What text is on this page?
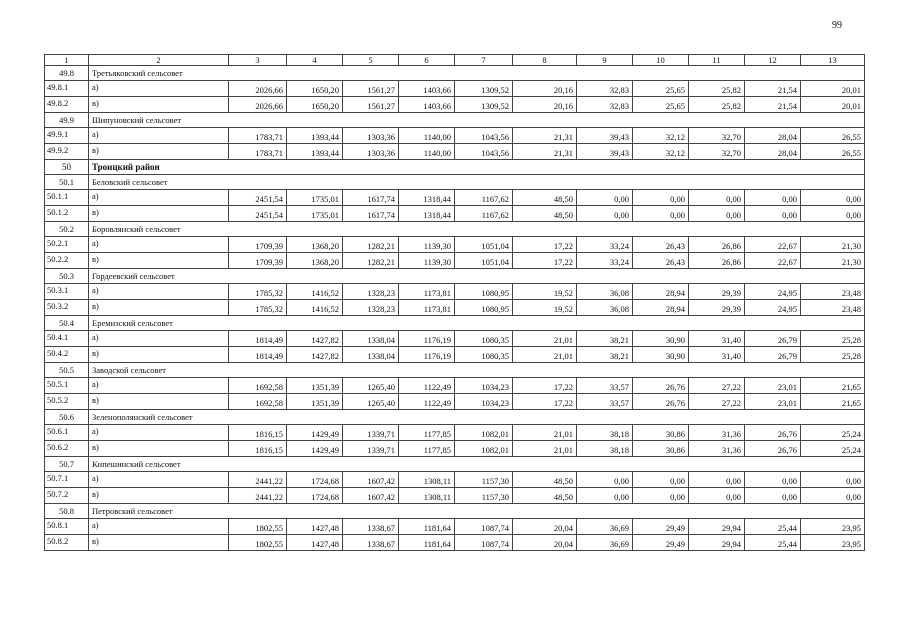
99
1	2	3	4	5	6	7	8	9	10	11	12	13
49.8	Третьяковский сельсовет											
49.8.1	а)	2026,66	1650,20	1561,27	1403,66	1309,52	20,16	32,83	25,65	25,82	21,54	20,01
49.8.2	в)	2026,66	1650,20	1561,27	1403,66	1309,52	20,16	32,83	25,65	25,82	21,54	20,01
49.9	Шипуновский сельсовет											
49.9.1	а)	1783,71	1393,44	1303,36	1140,00	1043,56	21,31	39,43	32,12	32,70	28,04	26,55
49.9.2	в)	1783,71	1393,44	1303,36	1140,00	1043,56	21,31	39,43	32,12	32,70	28,04	26,55
50	Троицкий район											
50.1	Беловский сельсовет											
50.1.1	а)	2451,54	1735,01	1617,74	1318,44	1167,62	48,50	0,00	0,00	0,00	0,00	0,00
50.1.2	в)	2451,54	1735,01	1617,74	1318,44	1167,62	48,50	0,00	0,00	0,00	0,00	0,00
50.2	Боровлянский сельсовет											
50.2.1	а)	1709,39	1368,20	1282,21	1139,30	1051,04	17,22	33,24	26,43	26,86	22,67	21,30
50.2.2	в)	1709,39	1368,20	1282,21	1139,30	1051,04	17,22	33,24	26,43	26,86	22,67	21,30
50.3	Гордеевский сельсовет											
50.3.1	а)	1785,32	1416,52	1328,23	1173,81	1080,95	19,52	36,08	28,94	29,39	24,95	23,48
50.3.2	в)	1785,32	1416,52	1328,23	1173,81	1080,95	19,52	36,08	28,94	29,39	24,95	23,48
50.4	Еремизский сельсовет											
50.4.1	а)	1814,49	1427,82	1338,04	1176,19	1080,35	21,01	38,21	30,90	31,40	26,79	25,28
50.4.2	в)	1814,49	1427,82	1338,04	1176,19	1080,35	21,01	38,21	30,90	31,40	26,79	25,28
50.5	Заводской сельсовет											
50.5.1	а)	1692,58	1351,39	1265,40	1122,49	1034,23	17,22	33,57	26,76	27,22	23,01	21,65
50.5.2	в)	1692,58	1351,39	1265,40	1122,49	1034,23	17,22	33,57	26,76	27,22	23,01	21,65
50.6	Зеленополянский сельсовет											
50.6.1	а)	1816,15	1429,49	1339,71	1177,85	1082,01	21,01	38,18	30,86	31,36	26,76	25,24
50.6.2	в)	1816,15	1429,49	1339,71	1177,85	1082,01	21,01	38,18	30,86	31,36	26,76	25,24
50.7	Кипешинский сельсовет											
50.7.1	а)	2441,22	1724,68	1607,42	1308,11	1157,30	48,50	0,00	0,00	0,00	0,00	0,00
50.7.2	в)	2441,22	1724,68	1607,42	1308,11	1157,30	48,50	0,00	0,00	0,00	0,00	0,00
50.8	Петровский сельсовет											
50.8.1	а)	1802,55	1427,48	1338,67	1181,64	1087,74	20,04	36,69	29,49	29,94	25,44	23,95
50.8.2	в)	1802,55	1427,48	1338,67	1181,64	1087,74	20,04	36,69	29,49	29,94	25,44	23,95
